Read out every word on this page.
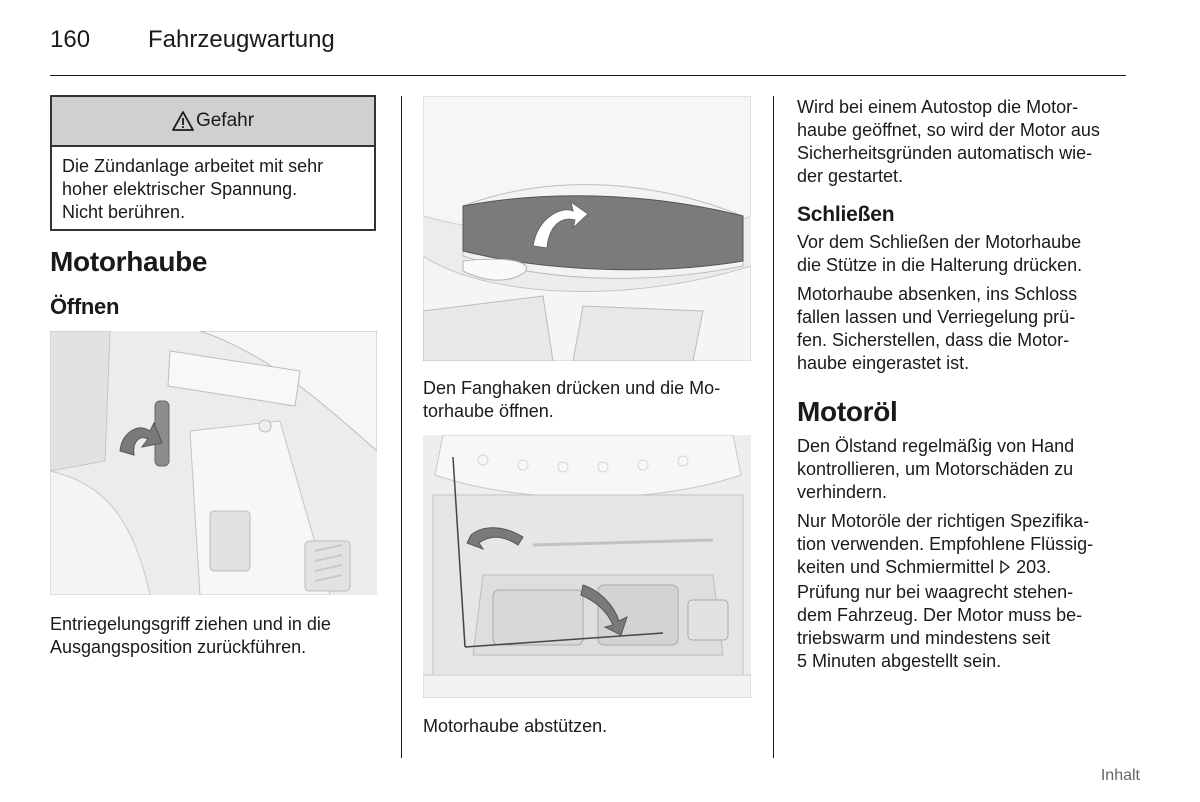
160 Fahrzeugwartung
Gefahr
Die Zündanlage arbeitet mit sehr
hoher elektrischer Spannung.
Nicht berühren.
Motorhaube
Öffnen
Entriegelungsgriff ziehen und in die
Ausgangsposition zurückführen.
Den Fanghaken drücken und die Mo-
torhaube öffnen.
Motorhaube abstützen.
Wird bei einem Autostop die Motor-
haube geöffnet, so wird der Motor aus
Sicherheitsgründen automatisch wie-
der gestartet.
Schließen
Vor dem Schließen der Motorhaube
die Stütze in die Halterung drücken.
Motorhaube absenken, ins Schloss
fallen lassen und Verriegelung prü-
fen. Sicherstellen, dass die Motor-
haube eingerastet ist.
Motoröl
Den Ölstand regelmäßig von Hand
kontrollieren, um Motorschäden zu
verhindern.
Nur Motoröle der richtigen Spezifika-
tion verwenden. Empfohlene Flüssig-
keiten und Schmiermittel  203.
Prüfung nur bei waagrecht stehen-
dem Fahrzeug. Der Motor muss be-
triebswarm und mindestens seit
5 Minuten abgestellt sein.
Inhalt
